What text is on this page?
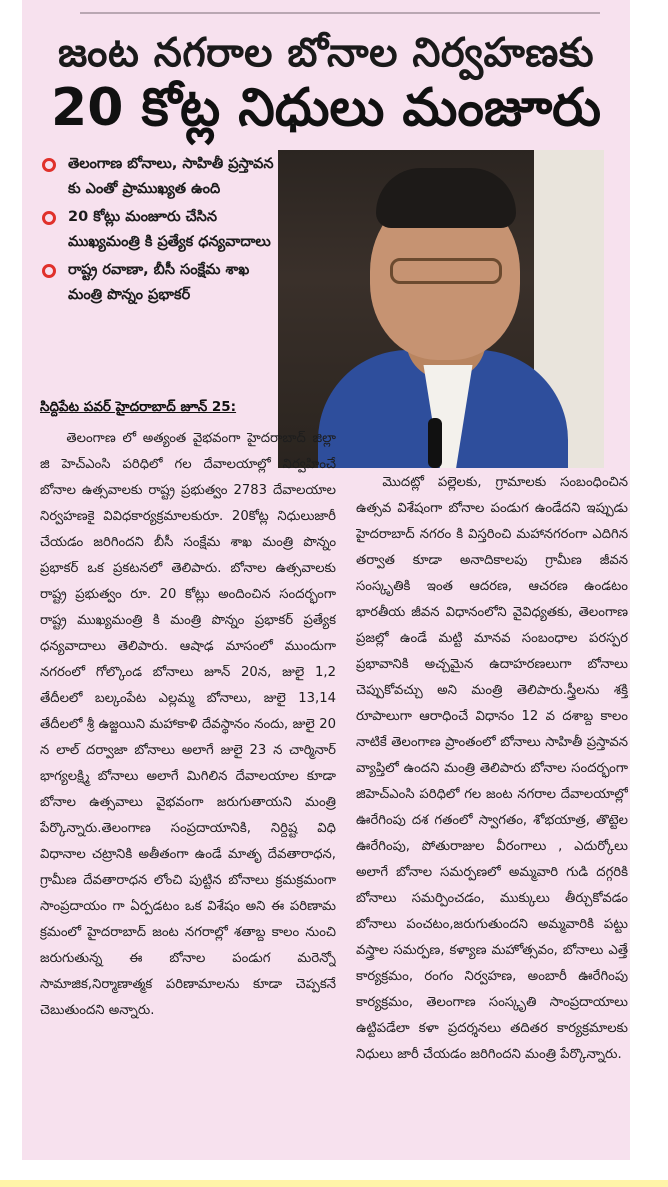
జంట నగరాల బోనాల నిర్వహణకు
20 కోట్ల నిధులు మంజూరు
తెలంగాణ బోనాలు, సాహితీ ప్రస్తావన కు ఎంతో ప్రాముఖ్యత ఉంది
20 కోట్లు మంజూరు చేసిన ముఖ్యమంత్రి కి ప్రత్యేక ధన్యవాదాలు
రాష్ట్ర రవాణా, బీసీ సంక్షేమ శాఖ మంత్రి పొన్నం ప్రభాకర్
సిద్దిపేట పవర్ హైదరాబాద్ జూన్ 25:

తెలంగాణ లో అత్యంత వైభవంగా హైదరాబాద్ జిల్లా జి హెచ్ఎంసి పరిధిలో గల దేవాలయాల్లో నిర్వహించే బోనాల ఉత్సవాలకు రాష్ట్ర ప్రభుత్వం 2783 దేవాలయాల నిర్వహణకై వివిధకార్యక్రమాలకురూ. 20కోట్ల నిధులుజారీ చేయడం జరిగిందని బీసీ సంక్షేమ శాఖ మంత్రి పొన్నం ప్రభాకర్ ఒక ప్రకటనలో తెలిపారు. బోనాల ఉత్సవాలకు రాష్ట్ర ప్రభుత్వం రూ. 20 కోట్లు అందించిన సందర్భంగా రాష్ట్ర ముఖ్యమంత్రి కి మంత్రి పొన్నం ప్రభాకర్ ప్రత్యేక ధన్యవాదాలు తెలిపారు. ఆషాఢ మాసంలో ముందుగా నగరంలో గోల్కొండ బోనాలు జూన్ 20న, జులై 1,2 తేదీలలో బల్కంపేట ఎల్లమ్మ బోనాలు, జులై 13,14 తేదీలలో శ్రీ ఉజ్జయిని మహాకాళి దేవస్థానం నందు, జులై 20 న లాల్ దర్వాజా బోనాలు అలాగే జులై 23 న చార్మినార్ భాగ్యలక్ష్మి బోనాలు అలాగే మిగిలిన దేవాలయాల కూడా బోనాల ఉత్సవాలు వైభవంగా జరుగుతాయని మంత్రి పేర్కొన్నారు.తెలంగాణ సంప్రదాయానికి, నిర్దిష్ట విధి విధానాల చట్రానికి అతీతంగా ఉండే మాతృ దేవతారాధన, గ్రామీణ దేవతారాధన లోంచి పుట్టిన బోనాలు క్రమక్రమంగా సాంప్రదాయం గా ఏర్పడటం ఒక విశేషం అని ఈ పరిణామ క్రమంలో హైదరాబాద్ జంట నగరాల్లో శతాబ్ద కాలం నుంచి జరుగుతున్న ఈ బోనాల పండుగ మరెన్నో సామాజిక,నిర్మాణాత్మక పరిణామాలను కూడా చెప్పకనే చెబుతుందని అన్నారు.

మొదట్లో పల్లెలకు, గ్రామాలకు సంబంధించిన ఉత్సవ విశేషంగా బోనాల పండుగ ఉండేదని ఇప్పుడు హైదరాబాద్ నగరం కి విస్తరించి మహానగరంగా ఎదిగిన తర్వాత కూడా అనాదికాలపు గ్రామీణ జీవన సంస్కృతికి ఇంత ఆదరణ, ఆచరణ ఉండటం భారతీయ జీవన విధానంలోని వైవిధ్యతకు, తెలంగాణ ప్రజల్లో ఉండే మట్టి మానవ సంబంధాల పరస్పర ప్రభావానికి అచ్చమైన ఉదాహరణలుగా బోనాలు చెప్పుకోవచ్చు అని మంత్రి తెలిపారు.స్త్రీలను శక్తి రూపాలుగా ఆరాధించే విధానం 12 వ దశాబ్ద కాలం నాటికే తెలంగాణ ప్రాంతంలో బోనాలు సాహితీ ప్రస్తావన వ్యాప్తిలో ఉందని మంత్రి తెలిపారు బోనాల సందర్భంగా జిహెచ్ఎంసి పరిధిలో గల జంట నగరాల దేవాలయాల్లో ఊరేగింపు దశ గతంలో స్వాగతం, శోభయాత్ర, తొట్టెల ఊరేగింపు, పోతురాజుల వీరంగాలు , ఎదుర్కోలు అలాగే బోనాల సమర్పణలో అమ్మవారి గుడి దగ్గరికి బోనాలు సమర్పించడం, ముక్కులు తీర్చుకోవడం బోనాలు పంచటం,జరుగుతుందని అమ్మవారికి పట్టు వస్త్రాల సమర్పణ, కళ్యాణ మహోత్సవం, బోనాలు ఎత్తే కార్యక్రమం, రంగం నిర్వహణ, అంబారీ ఊరేగింపు కార్యక్రమం, తెలంగాణ సంస్కృతి సాంప్రదాయాలు ఉట్టిపడేలా కళా ప్రదర్శనలు తదితర కార్యక్రమాలకు నిధులు జారీ చేయడం జరిగిందని మంత్రి పేర్కొన్నారు.
